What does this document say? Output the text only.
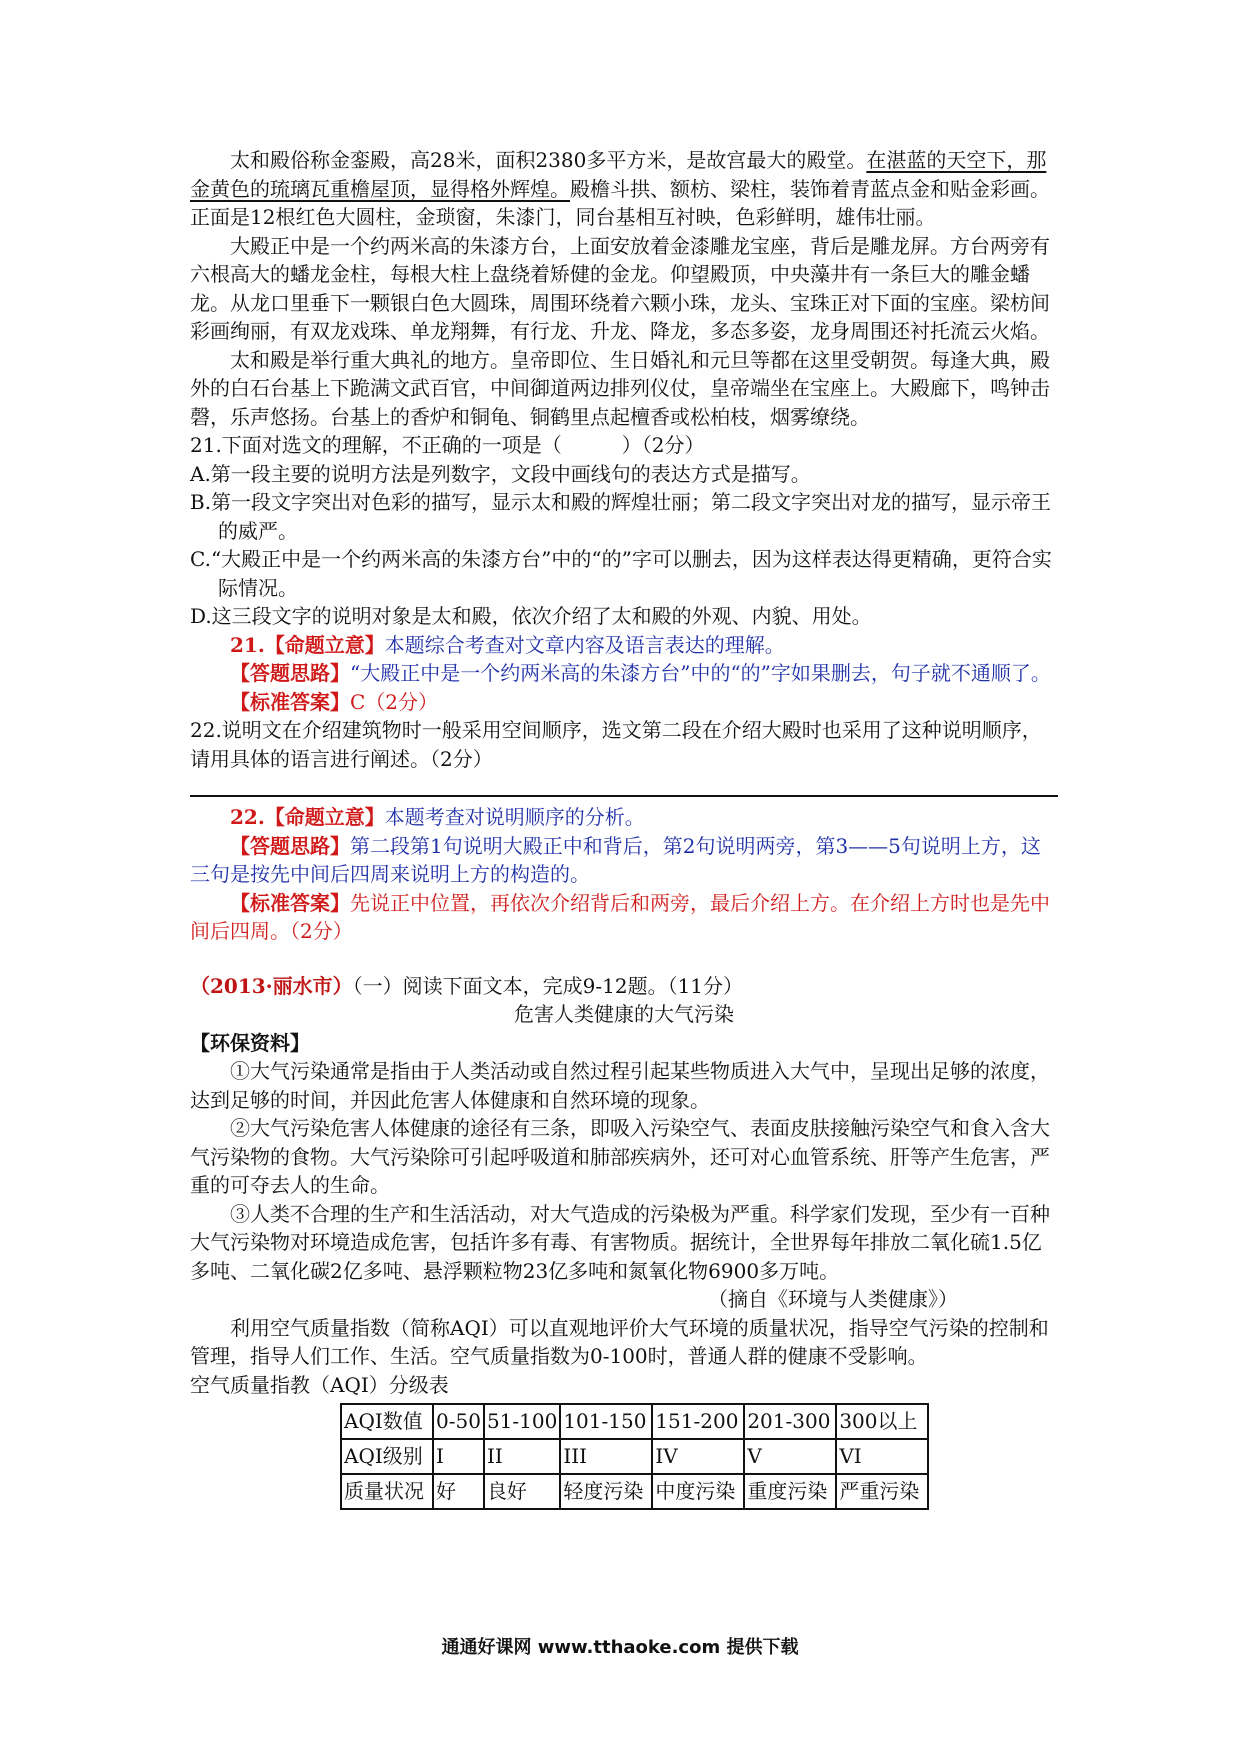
太和殿俗称金銮殿，高28米，面积2380多平方米，是故宫最大的殿堂。在湛蓝的天空下，那金黄色的琉璃瓦重檐屋顶，显得格外辉煌。殿檐斗拱、额枋、梁柱，装饰着青蓝点金和贴金彩画。正面是12根红色大圆柱，金琐窗，朱漆门，同台基相互衬映，色彩鲜明，雄伟壮丽。

大殿正中是一个约两米高的朱漆方台，上面安放着金漆雕龙宝座，背后是雕龙屏。方台两旁有六根高大的蟠龙金柱，每根大柱上盘绕着矫健的金龙。仰望殿顶，中央藻井有一条巨大的雕金蟠龙。从龙口里垂下一颗银白色大圆珠，周围环绕着六颗小珠，龙头、宝珠正对下面的宝座。梁枋间彩画绚丽，有双龙戏珠、单龙翔舞，有行龙、升龙、降龙，多态多姿，龙身周围还衬托流云火焰。

太和殿是举行重大典礼的地方。皇帝即位、生日婚礼和元旦等都在这里受朝贺。每逢大典，殿外的白石台基上下跪满文武百官，中间御道两边排列仪仗，皇帝端坐在宝座上。大殿廊下，鸣钟击磬，乐声悠扬。台基上的香炉和铜龟、铜鹤里点起檀香或松柏枝，烟雾缭绕。

21.下面对选文的理解，不正确的一项是（　　　）（2分）

A.第一段主要的说明方法是列数字，文段中画线句的表达方式是描写。

B.第一段文字突出对色彩的描写，显示太和殿的辉煌壮丽；第二段文字突出对龙的描写，显示帝王的威严。

C.“大殿正中是一个约两米高的朱漆方台”中的“的”字可以删去，因为这样表达得更精确，更符合实际情况。

D.这三段文字的说明对象是太和殿，依次介绍了太和殿的外观、内貌、用处。

21.【命题立意】本题综合考查对文章内容及语言表达的理解。

【答题思路】“大殿正中是一个约两米高的朱漆方台”中的“的”字如果删去，句子就不通顺了。

【标准答案】C（2分）

22.说明文在介绍建筑物时一般采用空间顺序，选文第二段在介绍大殿时也采用了这种说明顺序，请用具体的语言进行阐述。（2分）

22.【命题立意】本题考查对说明顺序的分析。

【答题思路】第二段第1句说明大殿正中和背后，第2句说明两旁，第3——5句说明上方，这三句是按先中间后四周来说明上方的构造的。

【标准答案】先说正中位置，再依次介绍背后和两旁，最后介绍上方。在介绍上方时也是先中间后四周。（2分）

（2013·丽水市）（一）阅读下面文本，完成9-12题。（11分）

危害人类健康的大气污染

【环保资料】

①大气污染通常是指由于人类活动或自然过程引起某些物质进入大气中，呈现出足够的浓度，达到足够的时间，并因此危害人体健康和自然环境的现象。

②大气污染危害人体健康的途径有三条，即吸入污染空气、表面皮肤接触污染空气和食入含大气污染物的食物。大气污染除可引起呼吸道和肺部疾病外，还可对心血管系统、肝等产生危害，严重的可夺去人的生命。

③人类不合理的生产和生活活动，对大气造成的污染极为严重。科学家们发现，至少有一百种大气污染物对环境造成危害，包括许多有毒、有害物质。据统计，全世界每年排放二氧化硫1.5亿多吨、二氧化碳2亿多吨、悬浮颗粒物23亿多吨和氮氧化物6900多万吨。

（摘自《环境与人类健康》）

利用空气质量指数（简称AQI）可以直观地评价大气环境的质量状况，指导空气污染的控制和管理，指导人们工作、生活。空气质量指数为0-100时，普通人群的健康不受影响。

空气质量指教（AQI）分级表

AQI数值	0-50	51-100	101-150	151-200	201-300	300以上
AQI级别	I	II	III	IV	V	VI
质量状况	好	良好	轻度污染	中度污染	重度污染	严重污染
通通好课网 www.tthaoke.com 提供下载
